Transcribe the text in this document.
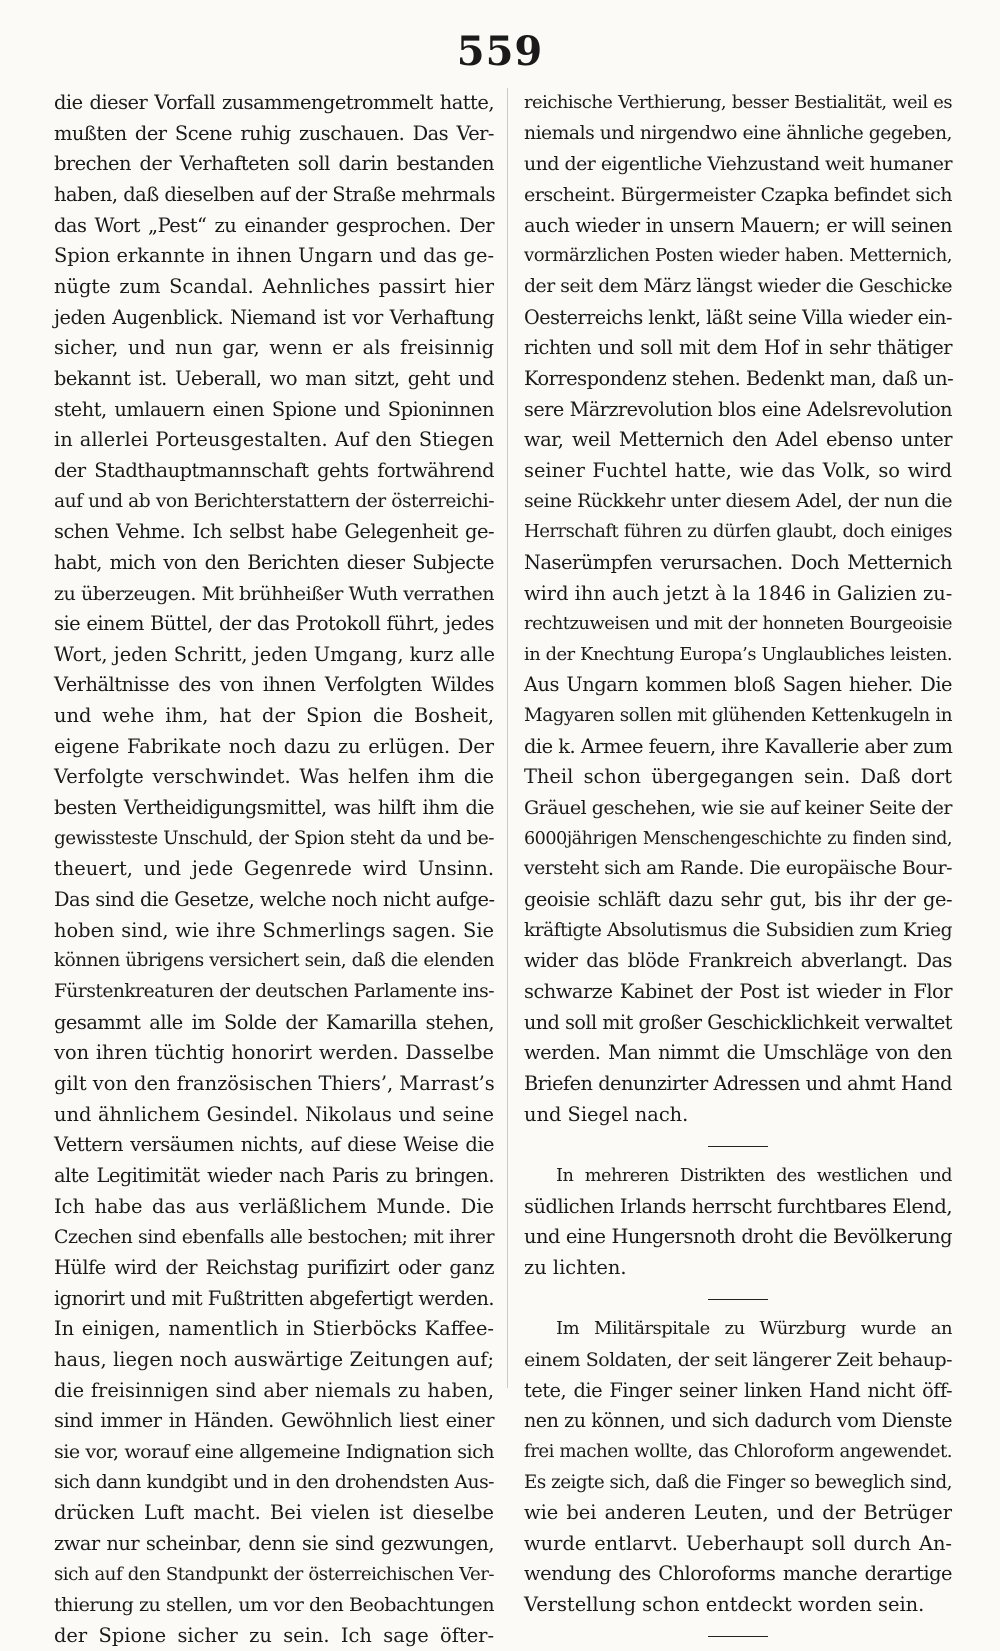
559
die dieser Vorfall zusammengetrommelt hatte,
mußten der Scene ruhig zuschauen. Das Ver-
brechen der Verhafteten soll darin bestanden
haben, daß dieselben auf der Straße mehrmals
das Wort „Pest“ zu einander gesprochen. Der
Spion erkannte in ihnen Ungarn und das ge-
nügte zum Scandal. Aehnliches passirt hier
jeden Augenblick. Niemand ist vor Verhaftung
sicher, und nun gar, wenn er als freisinnig
bekannt ist. Ueberall, wo man sitzt, geht und
steht, umlauern einen Spione und Spioninnen
in allerlei Porteusgestalten. Auf den Stiegen
der Stadthauptmannschaft gehts fortwährend
auf und ab von Berichterstattern der österreichi-
schen Vehme. Ich selbst habe Gelegenheit ge-
habt, mich von den Berichten dieser Subjecte
zu überzeugen. Mit brühheißer Wuth verrathen
sie einem Büttel, der das Protokoll führt, jedes
Wort, jeden Schritt, jeden Umgang, kurz alle
Verhältnisse des von ihnen Verfolgten Wildes
und wehe ihm, hat der Spion die Bosheit,
eigene Fabrikate noch dazu zu erlügen. Der
Verfolgte verschwindet. Was helfen ihm die
besten Vertheidigungsmittel, was hilft ihm die
gewissteste Unschuld, der Spion steht da und be-
theuert, und jede Gegenrede wird Unsinn.
Das sind die Gesetze, welche noch nicht aufge-
hoben sind, wie ihre Schmerlings sagen. Sie
können übrigens versichert sein, daß die elenden
Fürstenkreaturen der deutschen Parlamente ins-
gesammt alle im Solde der Kamarilla stehen,
von ihren tüchtig honorirt werden. Dasselbe
gilt von den französischen Thiers’, Marrast’s
und ähnlichem Gesindel. Nikolaus und seine
Vettern versäumen nichts, auf diese Weise die
alte Legitimität wieder nach Paris zu bringen.
Ich habe das aus verläßlichem Munde. Die
Czechen sind ebenfalls alle bestochen; mit ihrer
Hülfe wird der Reichstag purifizirt oder ganz
ignorirt und mit Fußtritten abgefertigt werden.
In einigen, namentlich in Stierböcks Kaffee-
haus, liegen noch auswärtige Zeitungen auf;
die freisinnigen sind aber niemals zu haben,
sind immer in Händen. Gewöhnlich liest einer
sie vor, worauf eine allgemeine Indignation sich
sich dann kundgibt und in den drohendsten Aus-
drücken Luft macht. Bei vielen ist dieselbe
zwar nur scheinbar, denn sie sind gezwungen,
sich auf den Standpunkt der österreichischen Ver-
thierung zu stellen, um vor den Beobachtungen
der Spione sicher zu sein. Ich sage öfter-
reichische Verthierung, besser Bestialität, weil es
niemals und nirgendwo eine ähnliche gegeben,
und der eigentliche Viehzustand weit humaner
erscheint. Bürgermeister Czapka befindet sich
auch wieder in unsern Mauern; er will seinen
vormärzlichen Posten wieder haben. Metternich,
der seit dem März längst wieder die Geschicke
Oesterreichs lenkt, läßt seine Villa wieder ein-
richten und soll mit dem Hof in sehr thätiger
Korrespondenz stehen. Bedenkt man, daß un-
sere Märzrevolution blos eine Adelsrevolution
war, weil Metternich den Adel ebenso unter
seiner Fuchtel hatte, wie das Volk, so wird
seine Rückkehr unter diesem Adel, der nun die
Herrschaft führen zu dürfen glaubt, doch einiges
Naserümpfen verursachen. Doch Metternich
wird ihn auch jetzt à la 1846 in Galizien zu-
rechtzuweisen und mit der honneten Bourgeoisie
in der Knechtung Europa’s Unglaubliches leisten.
Aus Ungarn kommen bloß Sagen hieher. Die
Magyaren sollen mit glühenden Kettenkugeln in
die k. Armee feuern, ihre Kavallerie aber zum
Theil schon übergegangen sein. Daß dort
Gräuel geschehen, wie sie auf keiner Seite der
6000jährigen Menschengeschichte zu finden sind,
versteht sich am Rande. Die europäische Bour-
geoisie schläft dazu sehr gut, bis ihr der ge-
kräftigte Absolutismus die Subsidien zum Krieg
wider das blöde Frankreich abverlangt. Das
schwarze Kabinet der Post ist wieder in Flor
und soll mit großer Geschicklichkeit verwaltet
werden. Man nimmt die Umschläge von den
Briefen denunzirter Adressen und ahmt Hand
und Siegel nach.
In mehreren Distrikten des westlichen und
südlichen Irlands herrscht furchtbares Elend,
und eine Hungersnoth droht die Bevölkerung
zu lichten.
Im Militärspitale zu Würzburg wurde an
einem Soldaten, der seit längerer Zeit behaup-
tete, die Finger seiner linken Hand nicht öff-
nen zu können, und sich dadurch vom Dienste
frei machen wollte, das Chloroform angewendet.
Es zeigte sich, daß die Finger so beweglich sind,
wie bei anderen Leuten, und der Betrüger
wurde entlarvt. Ueberhaupt soll durch An-
wendung des Chloroforms manche derartige
Verstellung schon entdeckt worden sein.
